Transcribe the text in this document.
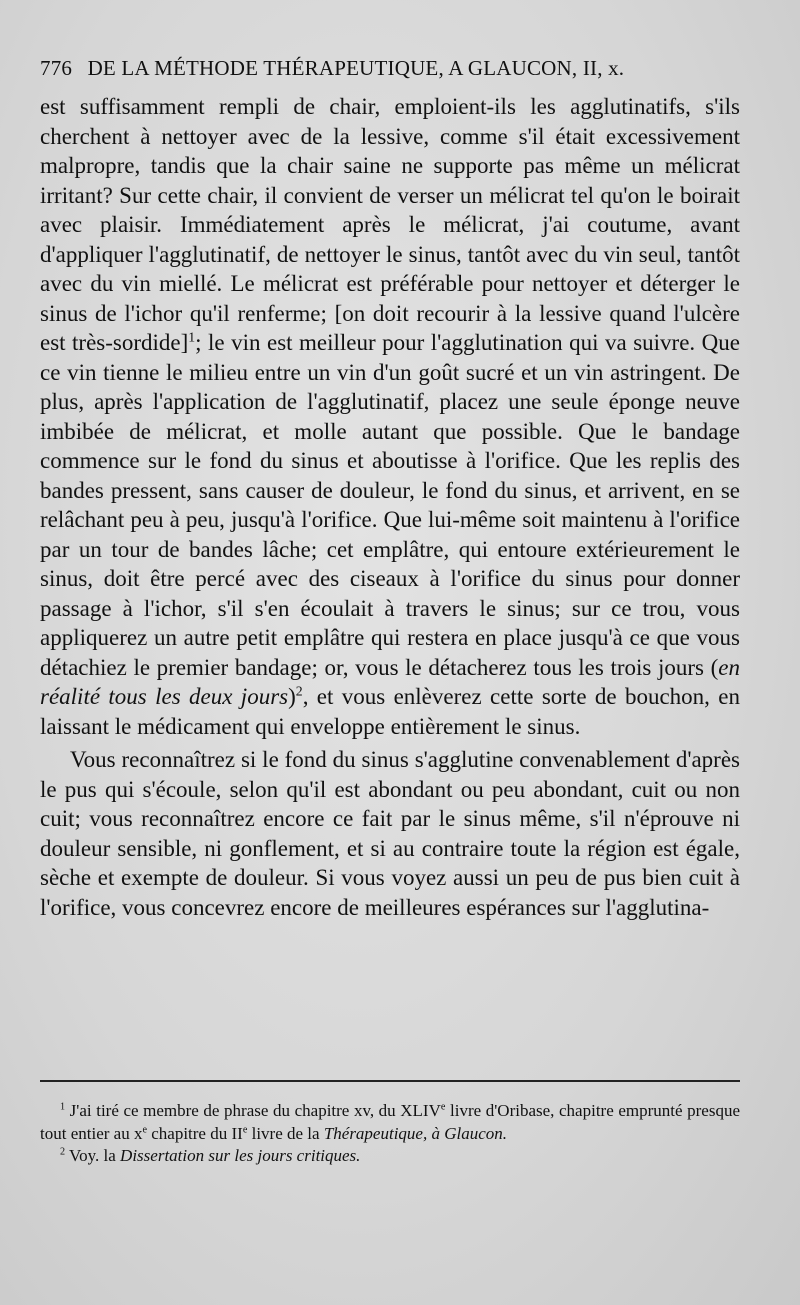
776 DE LA MÉTHODE THÉRAPEUTIQUE, A GLAUCON, II, x.

est suffisamment rempli de chair, emploient-ils les agglutinatifs, s'ils cherchent à nettoyer avec de la lessive, comme s'il était excessivement malpropre, tandis que la chair saine ne supporte pas même un mélicrat irritant? Sur cette chair, il convient de verser un mélicrat tel qu'on le boirait avec plaisir. Immédiatement après le mélicrat, j'ai coutume, avant d'appliquer l'agglutinatif, de nettoyer le sinus, tantôt avec du vin seul, tantôt avec du vin miellé. Le mélicrat est préférable pour nettoyer et déterger le sinus de l'ichor qu'il renferme; [on doit recourir à la lessive quand l'ulcère est très-sordide]$^1$; le vin est meilleur pour l'agglutination qui va suivre. Que ce vin tienne le milieu entre un vin d'un goût sucré et un vin astringent. De plus, après l'application de l'agglutinatif, placez une seule éponge neuve imbibée de mélicrat, et molle autant que possible. Que le bandage commence sur le fond du sinus et aboutisse à l'orifice. Que les replis des bandes pressent, sans causer de douleur, le fond du sinus, et arrivent, en se relâchant peu à peu, jusqu'à l'orifice. Que lui-même soit maintenu à l'orifice par un tour de bandes lâche; cet emplâtre, qui entoure extérieurement le sinus, doit être percé avec des ciseaux à l'orifice du sinus pour donner passage à l'ichor, s'il s'en écoulait à travers le sinus; sur ce trou, vous appliquerez un autre petit emplâtre qui restera en place jusqu'à ce que vous détachiez le premier bandage; or, vous le détacherez tous les trois jours (en réalité tous les deux jours)$^2$, et vous enlèverez cette sorte de bouchon, en laissant le médicament qui enveloppe entièrement le sinus.

Vous reconnaîtrez si le fond du sinus s'agglutine convenablement d'après le pus qui s'écoule, selon qu'il est abondant ou peu abondant, cuit ou non cuit; vous reconnaîtrez encore ce fait par le sinus même, s'il n'éprouve ni douleur sensible, ni gonflement, et si au contraire toute la région est égale, sèche et exempte de douleur. Si vous voyez aussi un peu de pus bien cuit à l'orifice, vous concevrez encore de meilleures espérances sur l'agglutina-

$^1$ J'ai tiré ce membre de phrase du chapitre xv, du XLIVe livre d'Oribase, chapitre emprunté presque tout entier au $x^e$ chapitre du IIe livre de la Thérapeutique, à Glaucon.

$^2$ Voy. la Dissertation sur les jours critiques.
